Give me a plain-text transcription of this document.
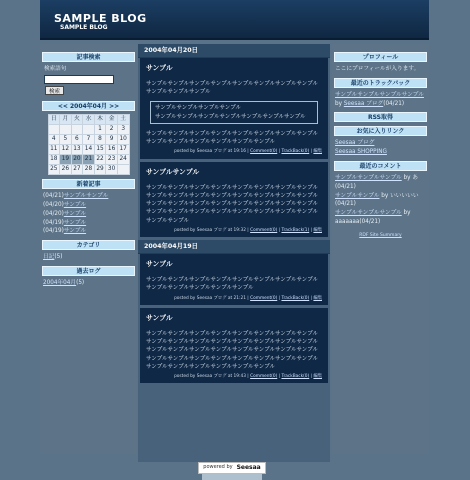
SAMPLE BLOG
SAMPLE BLOG
記事検索
検索語句
検索
<< 2004年04月 >>
日	月	火	水	木	金	土
				1	2	3
4	5	6	7	8	9	10
11	12	13	14	15	16	17
18	19	20	21	22	23	24
25	26	27	28	29	30	
新着記事
(04/21)サンプルサンプル
(04/20)サンプル
(04/20)サンプル
(04/19)サンプル
(04/19)サンプル
カテゴリ
日記(5)
過去ログ
2004年04月(5)
2004年04月20日
サンプル
サンプルサンプルサンプルサンプルサンプルサンプルサンプルサンプルサンプルサンプルサンプル
サンプルサンプルサンプルサンプル
サンプルサンプルサンプルサンプルサンプルサンプルサンプル
サンプルサンプルサンプルサンプルサンプルサンプルサンプルサンプルサンプルサンプルサンプルサンプルサンプルサンプル
posted by Seesaa ブログ at 19:16 | Comment(0) | TrackBack(0) | 編集
サンプルサンプル
サンプルサンプルサンプルサンプルサンプルサンプルサンプルサンプルサンプルサンプルサンプルサンプルサンプルサンプルサンプルサンプルサンプルサンプルサンプルサンプルサンプルサンプルサンプルサンプルサンプルサンプルサンプルサンプルサンプルサンプルサンプルサンプルサンプルサンプル
posted by Seesaa ブログ at 19:32 | Comment(0) | TrackBack(1) | 編集
2004年04月19日
サンプル
サンプルサンプルサンプルサンプルサンプルサンプルサンプルサンプルサンプルサンプルサンプルサンプルサンプル
posted by Seesaa ブログ at 21:21 | Comment(0) | TrackBack(0) | 編集
サンプル
サンプルサンプルサンプルサンプルサンプルサンプルサンプルサンプルサンプルサンプルサンプルサンプルサンプルサンプルサンプルサンプルサンプルサンプルサンプルサンプルサンプルサンプルサンプルサンプルサンプルサンプルサンプルサンプルサンプルサンプルサンプルサンプルサンプルサンプルサンプルサンプルサンプルサンプル
posted by Seesaa ブログ at 19:43 | Comment(0) | TrackBack(0) | 編集
プロフィール
ここにプロフィールが入ります。
最近のトラックバック
サンプルサンプルサンプルサンプル by Seesaa ブログ(04/21)
RSS取得
お気に入りリンク
Seesaa ブログ
Seesaa SHOPPING
最近のコメント
サンプルサンプルサンプル by あ(04/21)
サンプルサンプル by いいいいい(04/21)
サンプルサンプルサンプル by aaaaaaa(04/21)
RDF Site Summary
powered by Seesaa
